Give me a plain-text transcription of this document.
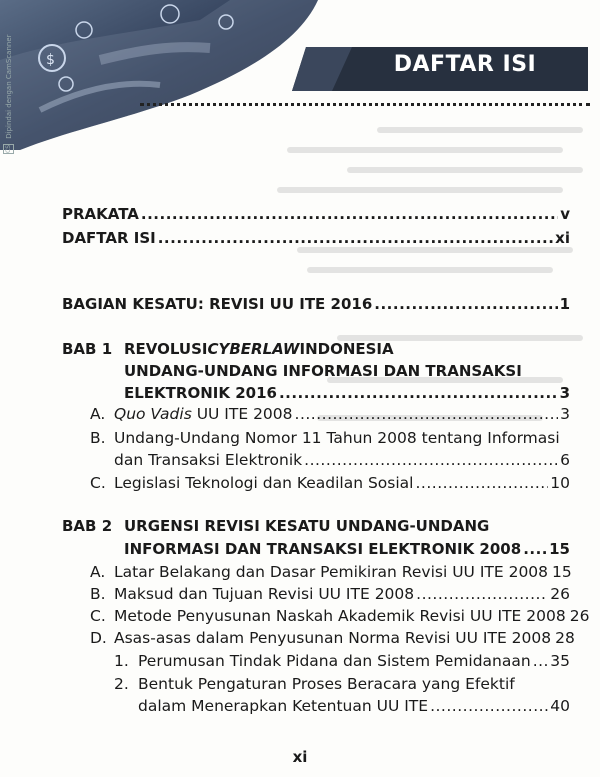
$
CS Dipindai dengan CamScanner	DAFTAR ISI
PRAKATA .....	v
DAFTAR ISI .....	xi
BAGIAN KESATU: REVISI UU ITE 2016 .....	1
BAB 1 REVOLUSI CYBERLAW INDONESIA
UNDANG-UNDANG INFORMASI DAN TRANSAKSI
ELEKTRONIK 2016 .....	3
A. Quo Vadis UU ITE 2008 .....	3
B. Undang-Undang Nomor 11 Tahun 2008 tentang Informasi
dan Transaksi Elektronik .....	6
C. Legislasi Teknologi dan Keadilan Sosial .....	10
BAB 2 URGENSI REVISI KESATU UNDANG-UNDANG
INFORMASI DAN TRANSAKSI ELEKTRONIK 2008 ..... 15
A. Latar Belakang dan Dasar Pemikiran Revisi UU ITE 2008 15
B. Maksud dan Tujuan Revisi UU ITE 2008 .....	26
C. Metode Penyusunan Naskah Akademik Revisi UU ITE 2008 26
D. Asas-asas dalam Penyusunan Norma Revisi UU ITE 2008 28
1. Perumusan Tindak Pidana dan Sistem Pemidanaan ..... 35
2. Bentuk Pengaturan Proses Beracara yang Efektif
dalam Menerapkan Ketentuan UU ITE .....	40
xi
